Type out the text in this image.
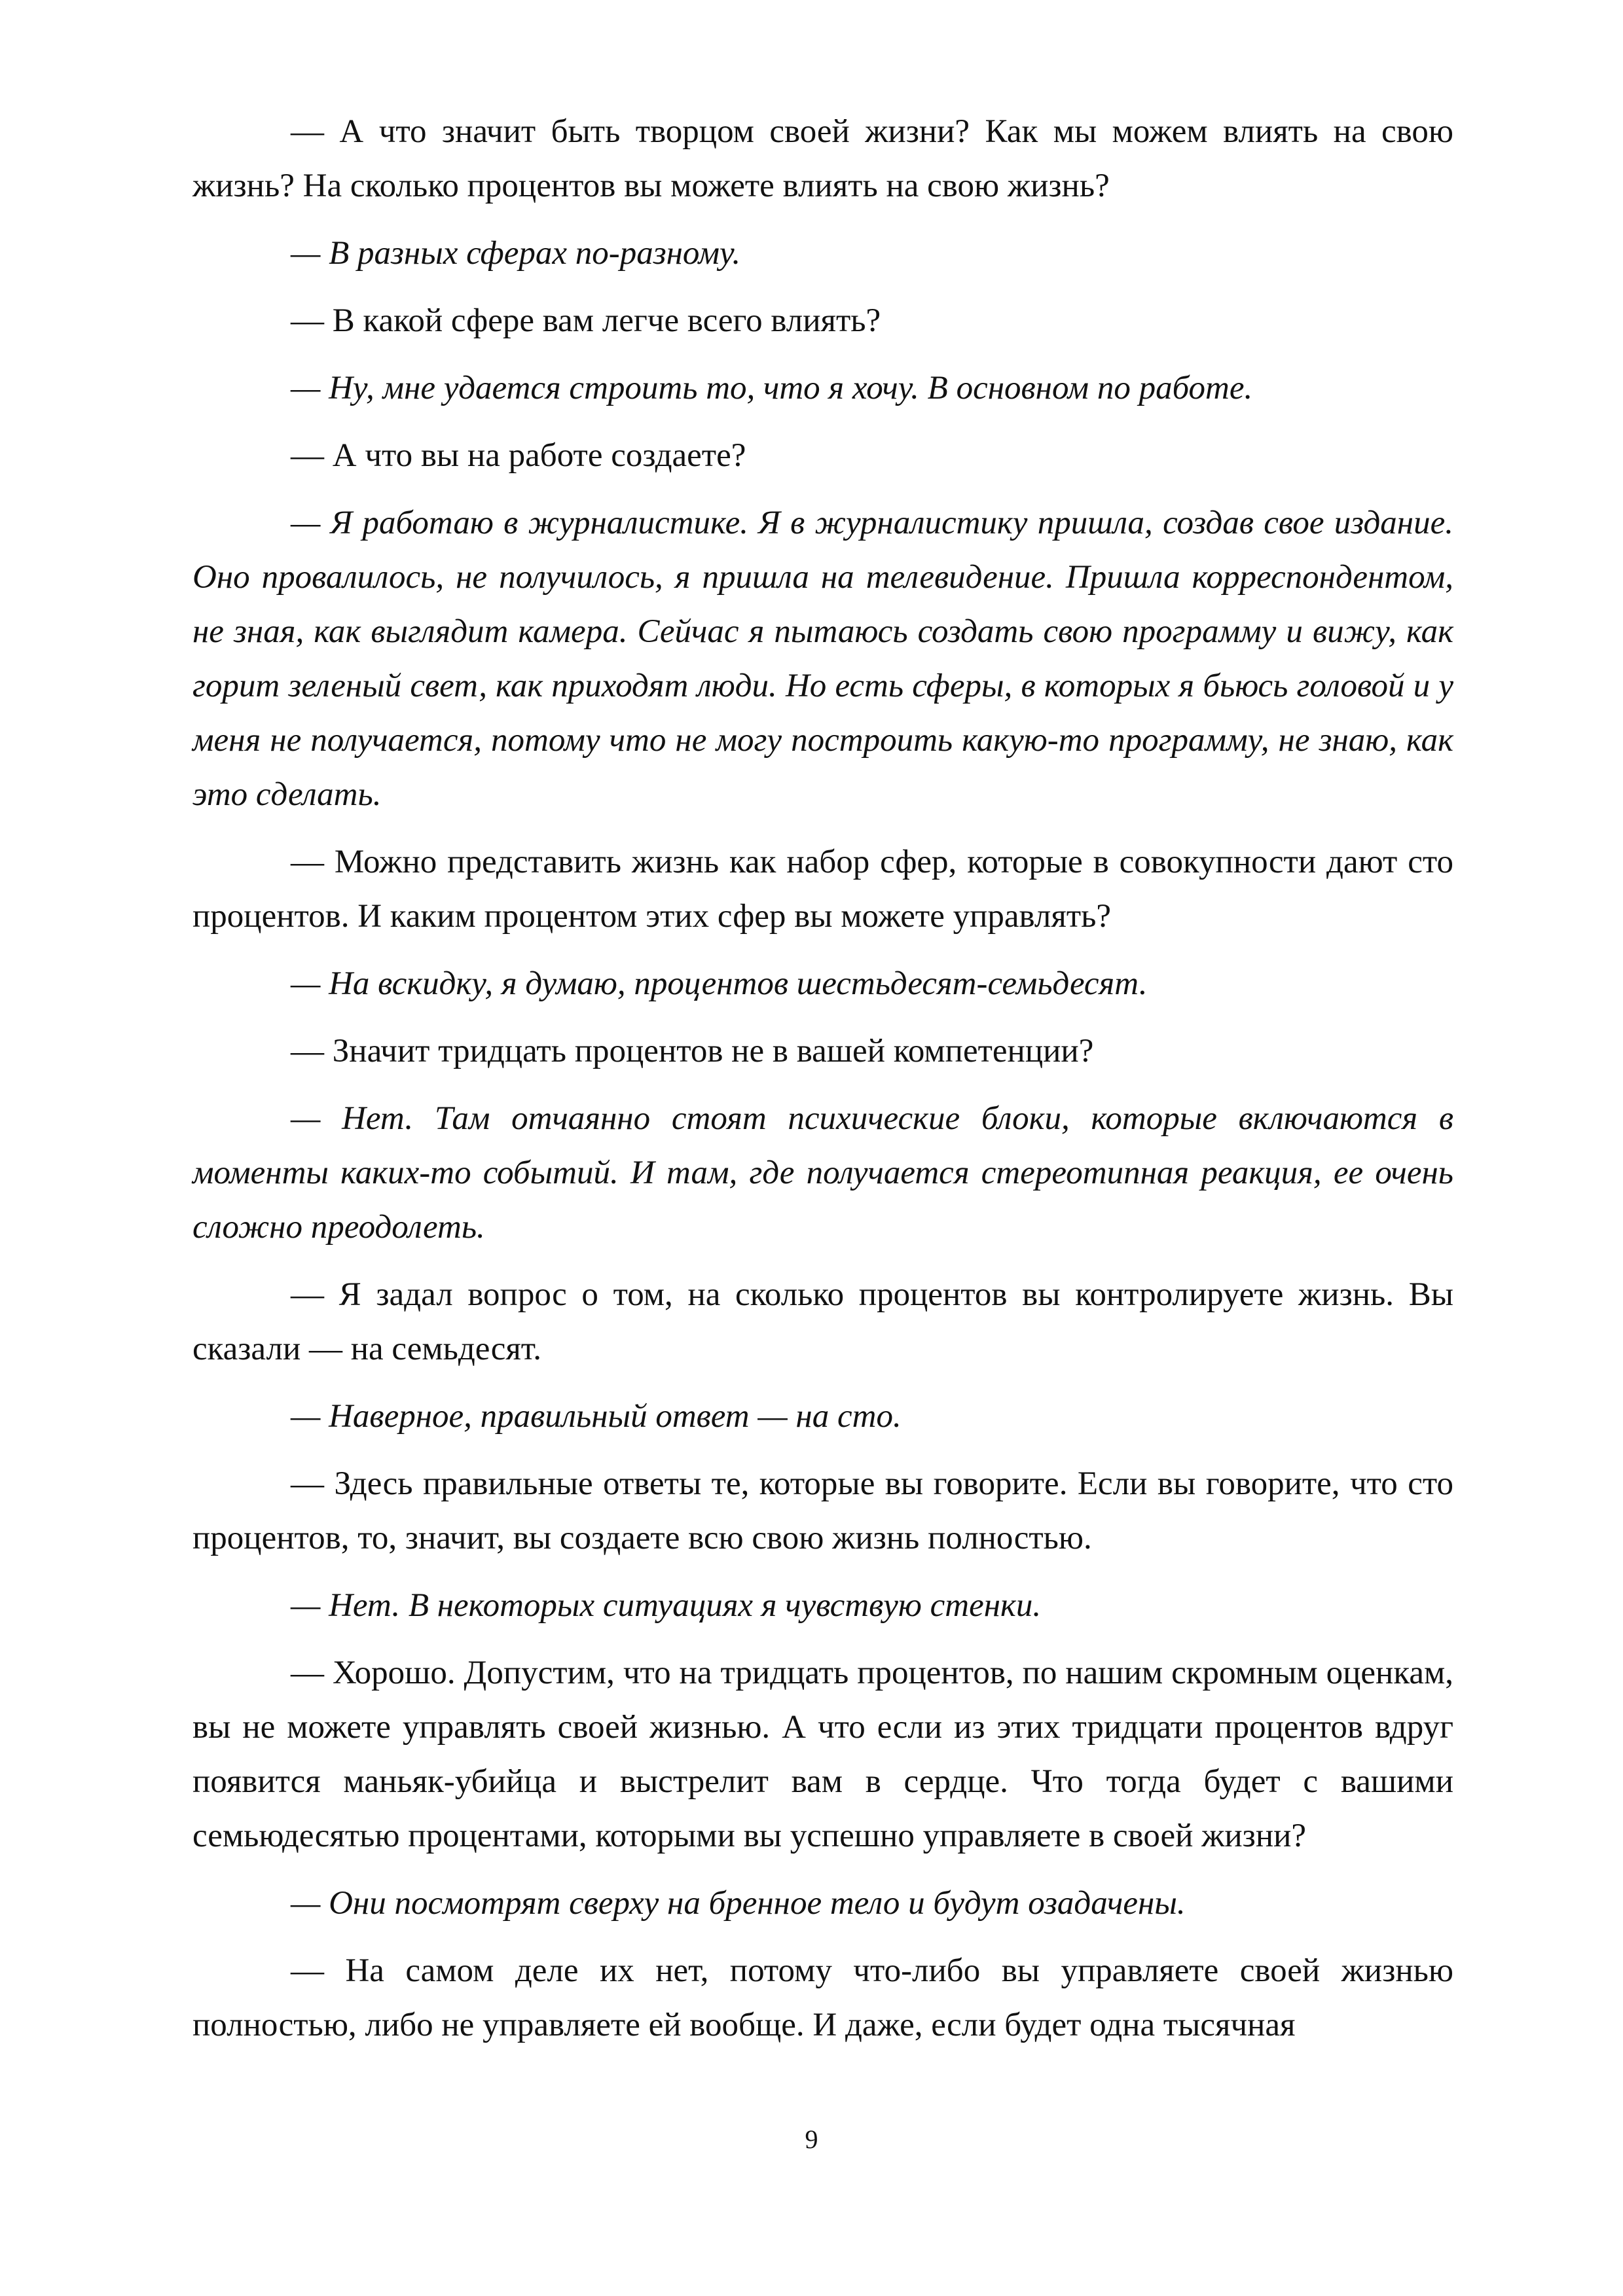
— А что значит быть творцом своей жизни? Как мы можем влиять на свою жизнь? На сколько процентов вы можете влиять на свою жизнь?

— В разных сферах по-разному.

— В какой сфере вам легче всего влиять?

— Ну, мне удается строить то, что я хочу. В основном по работе.

— А что вы на работе создаете?

— Я работаю в журналистике. Я в журналистику пришла, создав свое издание. Оно провалилось, не получилось, я пришла на телевидение. Пришла корреспондентом, не зная, как выглядит камера. Сейчас я пытаюсь создать свою программу и вижу, как горит зеленый свет, как приходят люди. Но есть сферы, в которых я бьюсь головой и у меня не получается, потому что не могу построить какую-то программу, не знаю, как это сделать.

— Можно представить жизнь как набор сфер, которые в совокупности дают сто процентов. И каким процентом этих сфер вы можете управлять?

— На вскидку, я думаю, процентов шестьдесят-семьдесят.

— Значит тридцать процентов не в вашей компетенции?

— Нет. Там отчаянно стоят психические блоки, которые включаются в моменты каких-то событий. И там, где получается стереотипная реакция, ее очень сложно преодолеть.

— Я задал вопрос о том, на сколько процентов вы контролируете жизнь. Вы сказали — на семьдесят.

— Наверное, правильный ответ — на сто.

— Здесь правильные ответы те, которые вы говорите. Если вы говорите, что сто процентов, то, значит, вы создаете всю свою жизнь полностью.

— Нет. В некоторых ситуациях я чувствую стенки.

— Хорошо. Допустим, что на тридцать процентов, по нашим скромным оценкам, вы не можете управлять своей жизнью. А что если из этих тридцати процентов вдруг появится маньяк-убийца и выстрелит вам в сердце. Что тогда будет с вашими семьюдесятью процентами, которыми вы успешно управляете в своей жизни?

— Они посмотрят сверху на бренное тело и будут озадачены.

— На самом деле их нет, потому что-либо вы управляете своей жизнью полностью, либо не управляете ей вообще. И даже, если будет одна тысячная

9
